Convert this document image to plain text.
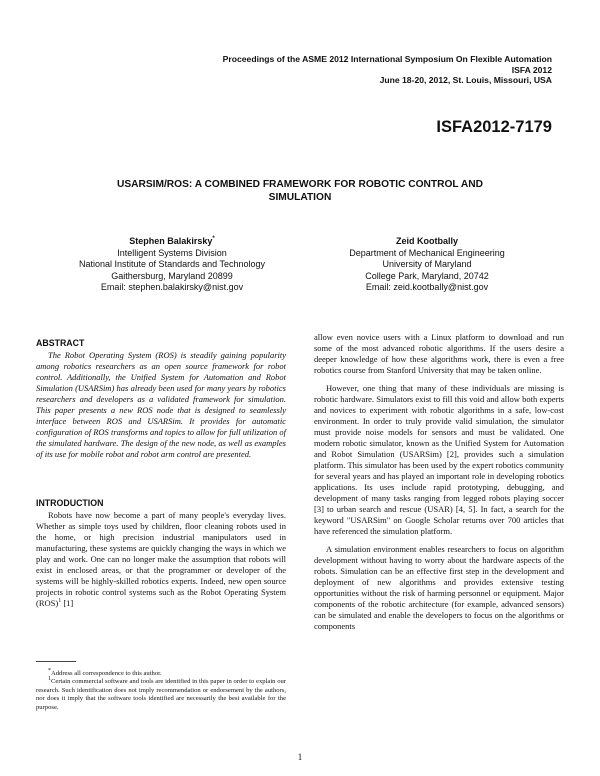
Proceedings of the ASME 2012 International Symposium On Flexible Automation
ISFA 2012
June 18-20, 2012, St. Louis, Missouri, USA
ISFA2012-7179
USARSIM/ROS: A COMBINED FRAMEWORK FOR ROBOTIC CONTROL AND
SIMULATION
Stephen Balakirsky*
Intelligent Systems Division
National Institute of Standards and Technology
Gaithersburg, Maryland 20899
Email: stephen.balakirsky@nist.gov
Zeid Kootbally
Department of Mechanical Engineering
University of Maryland
College Park, Maryland, 20742
Email: zeid.kootbally@nist.gov
ABSTRACT

The Robot Operating System (ROS) is steadily gaining popularity among robotics researchers as an open source framework for robot control. Additionally, the Unified System for Automation and Robot Simulation (USARSim) has already been used for many years by robotics researchers and developers as a validated framework for simulation. This paper presents a new ROS node that is designed to seamlessly interface between ROS and USARSim. It provides for automatic configuration of ROS transforms and topics to allow for full utilization of the simulated hardware. The design of the new node, as well as examples of its use for mobile robot and robot arm control are presented.

INTRODUCTION

Robots have now become a part of many people's everyday lives. Whether as simple toys used by children, floor cleaning robots used in the home, or high precision industrial manipulators used in manufacturing, these systems are quickly changing the ways in which we play and work. One can no longer make the assumption that robots will exist in enclosed areas, or that the programmer or developer of the systems will be highly-skilled robotics experts. Indeed, new open source projects in robotic control systems such as the Robot Operating System (ROS)$^1$ [1]

allow even novice users with a Linux platform to download and run some of the most advanced robotic algorithms. If the users desire a deeper knowledge of how these algorithms work, there is even a free robotics course from Stanford University that may be taken online.

However, one thing that many of these individuals are missing is robotic hardware. Simulators exist to fill this void and allow both experts and novices to experiment with robotic algorithms in a safe, low-cost environment. In order to truly provide valid simulation, the simulator must provide noise models for sensors and must be validated. One modern robotic simulator, known as the Unified System for Automation and Robot Simulation (USARSim) [2], provides such a simulation platform. This simulator has been used by the expert robotics community for several years and has played an important role in developing robotics applications. Its uses include rapid prototyping, debugging, and development of many tasks ranging from legged robots playing soccer [3] to urban search and rescue (USAR) [4, 5]. In fact, a search for the keyword "USARSim" on Google Scholar returns over 700 articles that have referenced the simulation platform.

A simulation environment enables researchers to focus on algorithm development without having to worry about the hardware aspects of the robots. Simulation can be an effective first step in the development and deployment of new algorithms and provides extensive testing opportunities without the risk of harming personnel or equipment. Major components of the robotic architecture (for example, advanced sensors) can be simulated and enable the developers to focus on the algorithms or components

*Address all correspondence to this author.

$^1$Certain commercial software and tools are identified in this paper in order to explain our research. Such identification does not imply recommendation or endorsement by the authors, nor does it imply that the software tools identified are necessarily the best available for the purpose.

1
